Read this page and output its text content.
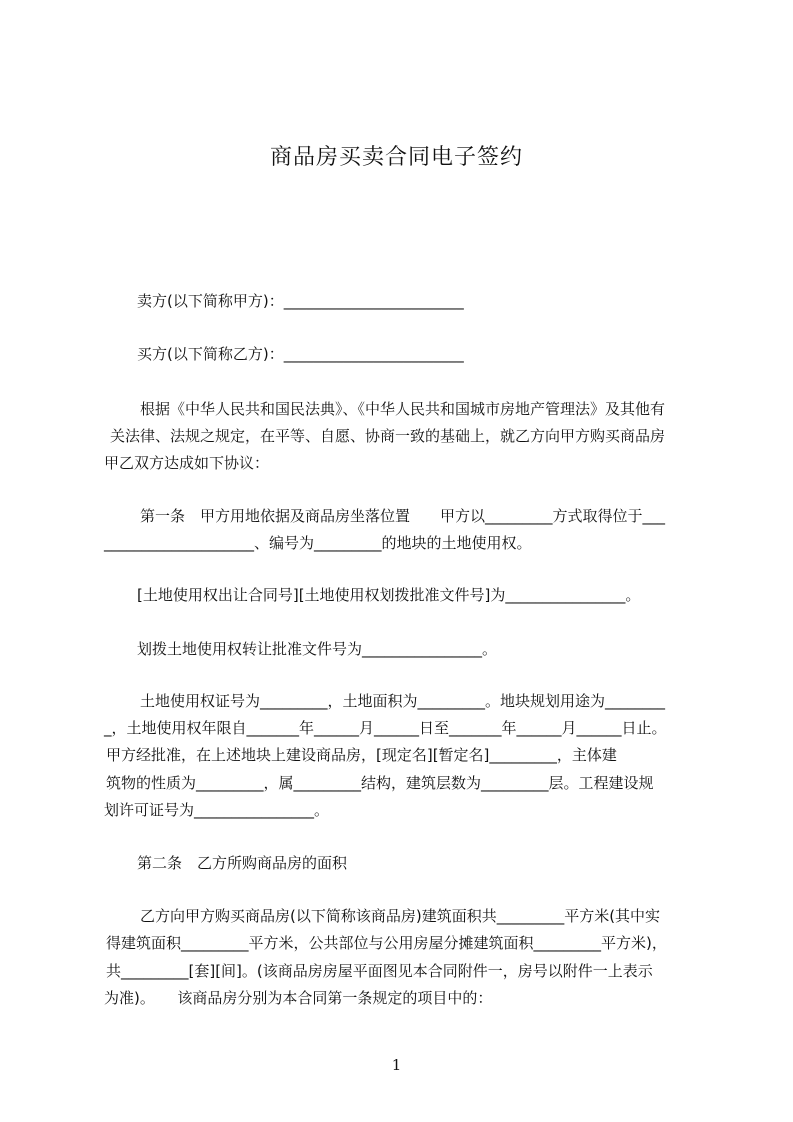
商品房买卖合同电子签约
卖方(以下简称甲方)：________________________
买方(以下简称乙方)：________________________
根据《中华人民共和国民法典》、《中华人民共和国城市房地产管理法》及其他有
关法律、法规之规定，在平等、自愿、协商一致的基础上，就乙方向甲方购买商品房
甲乙双方达成如下协议：
第一条　甲方用地依据及商品房坐落位置　　甲方以_________方式取得位于___
____________________、编号为_________的地块的土地使用权。
[土地使用权出让合同号][土地使用权划拨批准文件号]为________________。
划拨土地使用权转让批准文件号为________________。
土地使用权证号为_________，土地面积为_________。地块规划用途为________
_，土地使用权年限自_______年______月______日至_______年______月______日止。
甲方经批准，在上述地块上建设商品房，[现定名][暂定名]_________，主体建
筑物的性质为_________，属_________结构，建筑层数为_________层。工程建设规
划许可证号为________________。
第二条　乙方所购商品房的面积
乙方向甲方购买商品房(以下简称该商品房)建筑面积共_________平方米(其中实
得建筑面积_________平方米，公共部位与公用房屋分摊建筑面积_________平方米)，
共_________[套][间]。(该商品房房屋平面图见本合同附件一，房号以附件一上表示
为准)。　　该商品房分别为本合同第一条规定的项目中的：
1
